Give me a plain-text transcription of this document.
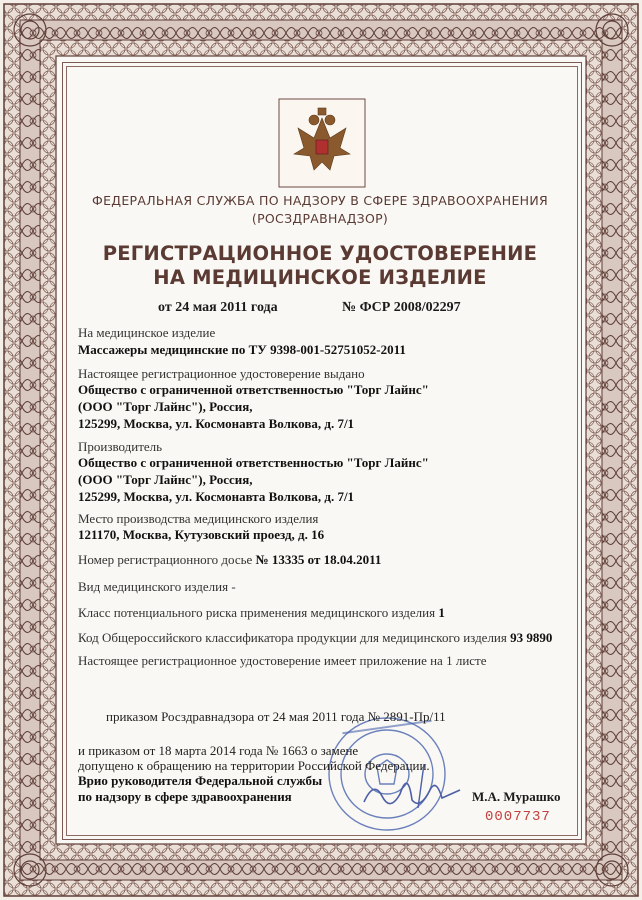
ФЕДЕРАЛЬНАЯ СЛУЖБА ПО НАДЗОРУ В СФЕРЕ ЗДРАВООХРАНЕНИЯ
(РОСЗДРАВНАДЗОР)
РЕГИСТРАЦИОННОЕ УДОСТОВЕРЕНИЕ
НА МЕДИЦИНСКОЕ ИЗДЕЛИЕ
от 24 мая 2011 года	№ ФСР 2008/02297
На медицинское изделие
Массажеры медицинские по ТУ 9398-001-52751052-2011
Настоящее регистрационное удостоверение выдано
Общество с ограниченной ответственностью "Торг Лайнс"
(ООО "Торг Лайнс"), Россия,
125299, Москва, ул. Космонавта Волкова, д. 7/1
Производитель
Общество с ограниченной ответственностью "Торг Лайнс"
(ООО "Торг Лайнс"), Россия,
125299, Москва, ул. Космонавта Волкова, д. 7/1
Место производства медицинского изделия
121170, Москва, Кутузовский проезд, д. 16
Номер регистрационного досье № 13335 от 18.04.2011
Вид медицинского изделия -
Класс потенциального риска применения медицинского изделия 1
Код Общероссийского классификатора продукции для медицинского изделия 93 9890
Настоящее регистрационное удостоверение имеет приложение на 1 листе
приказом Росздравнадзора от 24 мая 2011 года № 2891-Пр/11
и приказом от 18 марта 2014 года № 1663 о замене
допущено к обращению на территории Российской Федерации.
Врио руководителя Федеральной службы
по надзору в сфере здравоохранения	М.А. Мурашко
0007737
